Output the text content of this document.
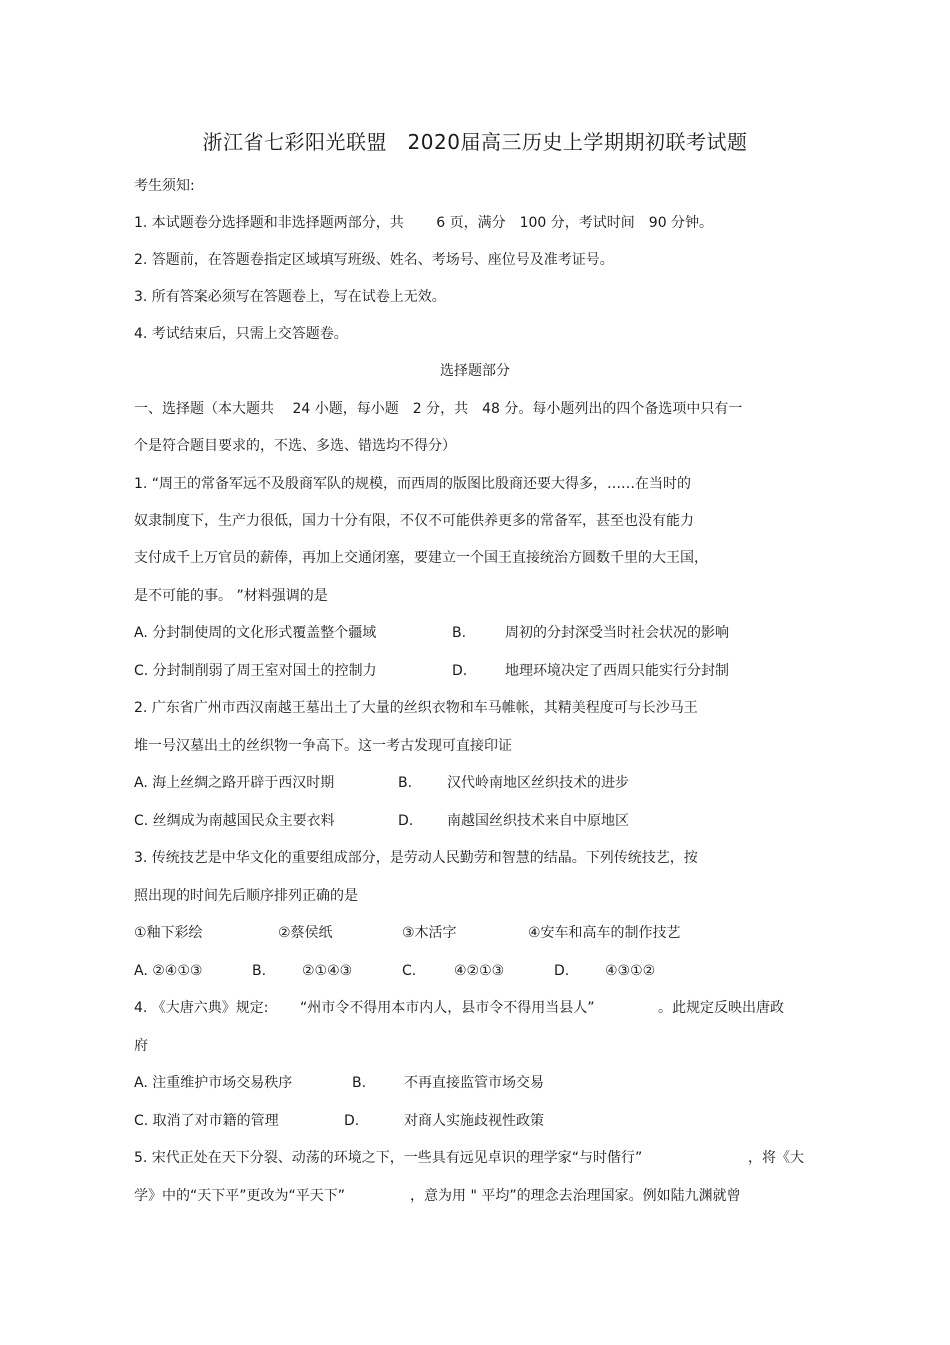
浙江省七彩阳光联盟　2020届高三历史上学期期初联考试题
考生须知:
1. 本试题卷分选择题和非选择题两部分，共　　 6 页，满分　100 分，考试时间　90 分钟。
2. 答题前，在答题卷指定区域填写班级、姓名、考场号、座位号及准考证号。
3. 所有答案必须写在答题卷上，写在试卷上无效。
4. 考试结束后，只需上交答题卷。
选择题部分
一、选择题（本大题共　 24 小题，每小题　2 分，共　48 分。每小题列出的四个备选项中只有一
个是符合题目要求的，不选、多选、错选均不得分）
1. “周王的常备军远不及殷商军队的规模，而西周的版图比殷商还要大得多，……在当时的
奴隶制度下，生产力很低，国力十分有限，不仅不可能供养更多的常备军，甚至也没有能力
支付成千上万官员的薪俸，再加上交通闭塞，要建立一个国王直接统治方圆数千里的大王国，
是不可能的事。 ”材料强调的是
A. 分封制使周的文化形式覆盖整个疆域	B.	周初的分封深受当时社会状况的影响
C. 分封制削弱了周王室对国土的控制力	D.	地理环境决定了西周只能实行分封制
2. 广东省广州市西汉南越王墓出土了大量的丝织衣物和车马帷帐，其精美程度可与长沙马王
堆一号汉墓出土的丝织物一争高下。这一考古发现可直接印证
A. 海上丝绸之路开辟于西汉时期	B. 汉代岭南地区丝织技术的进步
C. 丝绸成为南越国民众主要衣料	D. 南越国丝织技术来自中原地区
3. 传统技艺是中华文化的重要组成部分，是劳动人民勤劳和智慧的结晶。下列传统技艺，按
照出现的时间先后顺序排列正确的是
①釉下彩绘	②蔡侯纸	③木活字	④安车和高车的制作技艺
A. ②④①③	B.	②①④③	C.	④②①③	D.	④③①②
4. 《大唐六典》规定: “州市令不得用本市内人，县市令不得用当县人”	。此规定反映出唐政
府
A. 注重维护市场交易秩序	B.	不再直接监管市场交易
C. 取消了对市籍的管理	D.	对商人实施歧视性政策
5. 宋代正处在天下分裂、动荡的环境之下，一些具有远见卓识的理学家“与时偕行”	，将《大
学》中的“天下平”更改为“平天下”	，意为用 " 平均”的理念去治理国家。例如陆九渊就曾
